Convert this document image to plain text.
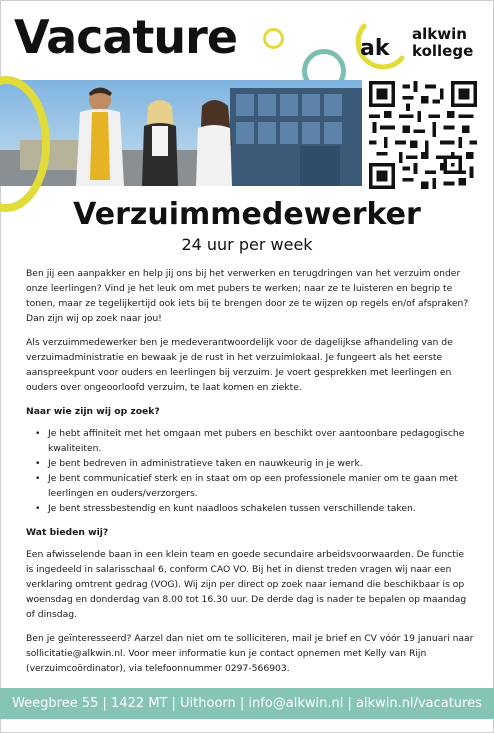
Vacature	ak
alkwin
kollege
Verzuimmedewerker
24 uur per week

Ben jij een aanpakker en help jij ons bij het verwerken en terugdringen van het verzuim onder onze leerlingen? Vind je het leuk om met pubers te werken; naar ze te luisteren en begrip te tonen, maar ze tegelijkertijd ook iets bij te brengen door ze te wijzen op regels en/of afspraken? Dan zijn wij op zoek naar jou!

Als verzuimmedewerker ben je medeverantwoordelijk voor de dagelijkse afhandeling van de verzuimadministratie en bewaak je de rust in het verzuimlokaal. Je fungeert als het eerste aanspreekpunt voor ouders en leerlingen bij verzuim. Je voert gesprekken met leerlingen en ouders over ongeoorloofd verzuim, te laat komen en ziekte.

Naar wie zijn wij op zoek?
• Je hebt affiniteit met het omgaan met pubers en beschikt over aantoonbare pedagogische kwaliteiten.
• Je bent bedreven in administratieve taken en nauwkeurig in je werk.
• Je bent communicatief sterk en in staat om op een professionele manier om te gaan met leerlingen en ouders/verzorgers.
• Je bent stressbestendig en kunt naadloos schakelen tussen verschillende taken.
Wat bieden wij?

Een afwisselende baan in een klein team en goede secundaire arbeidsvoorwaarden. De functie is ingedeeld in salarisschaal 6, conform CAO VO. Bij het in dienst treden vragen wij naar een verklaring omtrent gedrag (VOG). Wij zijn per direct op zoek naar iemand die beschikbaar is op woensdag en donderdag van 8.00 tot 16.30 uur. De derde dag is nader te bepalen op maandag of dinsdag.

Ben je geïnteresseerd? Aarzel dan niet om te solliciteren, mail je brief en CV vóór 19 januari naar sollicitatie@alkwin.nl. Voor meer informatie kun je contact opnemen met Kelly van Rijn (verzuimcoördinator), via telefoonnummer 0297-566903.

Weegbree 55 | 1422 MT | Uithoorn | info@alkwin.nl | alkwin.nl/vacatures
